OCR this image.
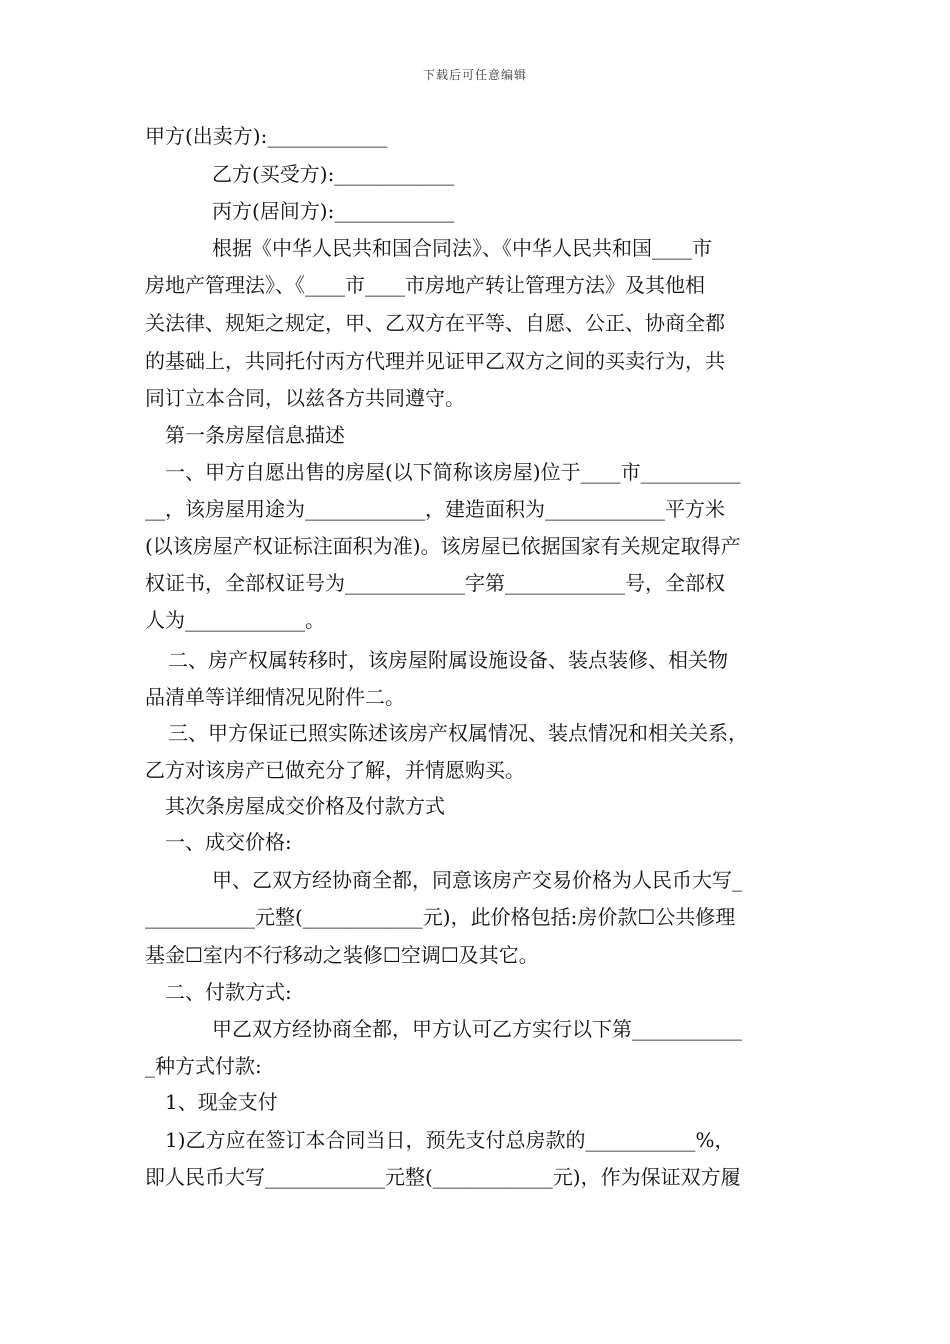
下载后可任意编辑
甲方(出卖方):____________
乙方(买受方):____________
丙方(居间方):____________
根据《中华人民共和国合同法》、《中华人民共和国____市
房地产管理法》、《____市____市房地产转让管理方法》及其他相
关法律、规矩之规定，甲、乙双方在平等、自愿、公正、协商全都
的基础上，共同托付丙方代理并见证甲乙双方之间的买卖行为，共
同订立本合同，以兹各方共同遵守。
第一条房屋信息描述
一、甲方自愿出售的房屋(以下简称该房屋)位于____市__________
__，该房屋用途为____________，建造面积为____________平方米
(以该房屋产权证标注面积为准)。该房屋已依据国家有关规定取得产
权证书，全部权证号为____________字第____________号，全部权
人为____________。
二、房产权属转移时，该房屋附属设施设备、装点装修、相关物
品清单等详细情况见附件二。
三、甲方保证已照实陈述该房产权属情况、装点情况和相关关系，
乙方对该房产已做充分了解，并情愿购买。
其次条房屋成交价格及付款方式
一、成交价格:
甲、乙双方经协商全都，同意该房产交易价格为人民币大写_
___________元整(____________元)，此价格包括:房价款☐公共修理
基金☐室内不行移动之装修☐空调☐及其它。
二、付款方式:
甲乙双方经协商全都，甲方认可乙方实行以下第___________
_种方式付款:
1、现金支付
1)乙方应在签订本合同当日，预先支付总房款的___________%，
即人民币大写____________元整(____________元)，作为保证双方履
